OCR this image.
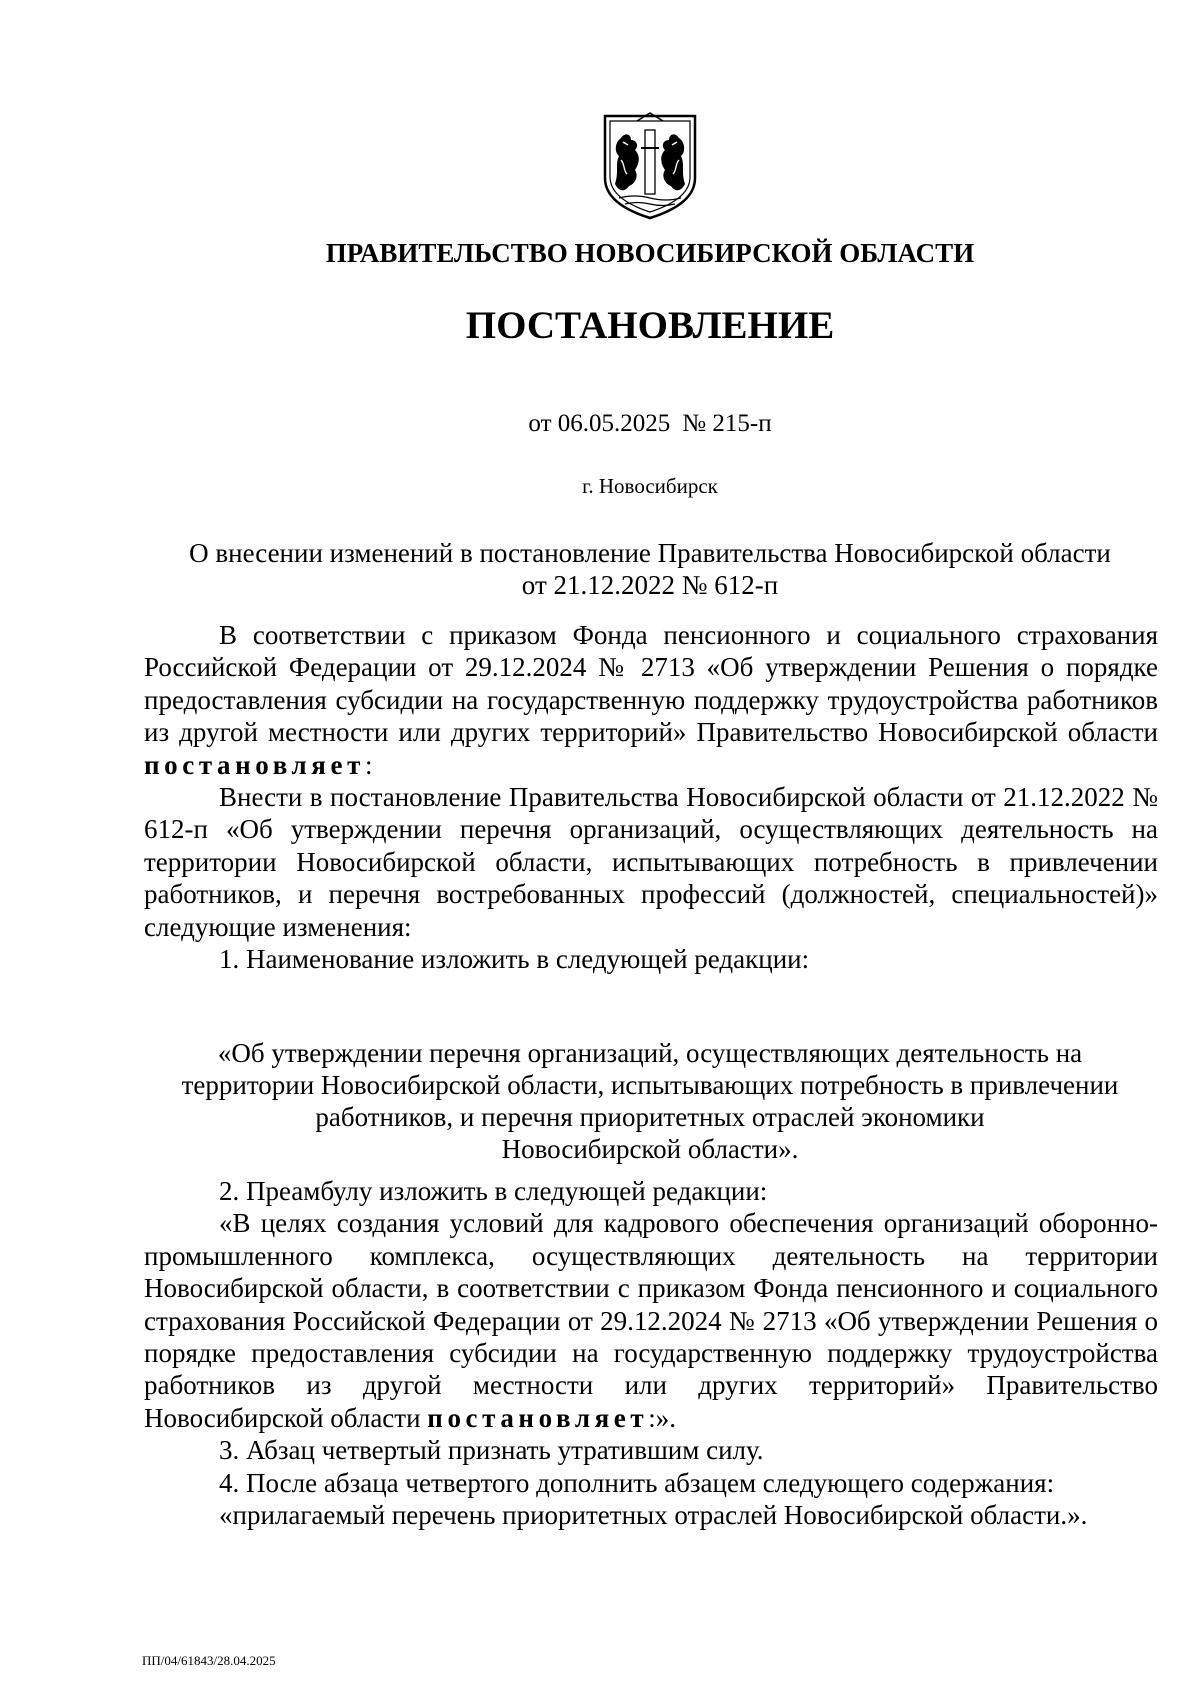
ПРАВИТЕЛЬСТВО НОВОСИБИРСКОЙ ОБЛАСТИ
ПОСТАНОВЛЕНИЕ
от 06.05.2025 № 215-п
г. Новосибирск
О внесении изменений в постановление Правительства Новосибирской области
от 21.12.2022 № 612-п

В соответствии с приказом Фонда пенсионного и социального страхования Российской Федерации от 29.12.2024 № 2713 «Об утверждении Решения о порядке предоставления субсидии на государственную поддержку трудоустройства работников из другой местности или других территорий» Правительство Новосибирской области постановляет:

Внести в постановление Правительства Новосибирской области от 21.12.2022 № 612-п «Об утверждении перечня организаций, осуществляющих деятельность на территории Новосибирской области, испытывающих потребность в привлечении работников, и перечня востребованных профессий (должностей, специальностей)» следующие изменения:

1. Наименование изложить в следующей редакции:

«Об утверждении перечня организаций, осуществляющих деятельность на
территории Новосибирской области, испытывающих потребность в привлечении
работников, и перечня приоритетных отраслей экономики
Новосибирской области».

2. Преамбулу изложить в следующей редакции:

«В целях создания условий для кадрового обеспечения организаций оборонно-промышленного комплекса, осуществляющих деятельность на территории Новосибирской области, в соответствии с приказом Фонда пенсионного и социального страхования Российской Федерации от 29.12.2024 № 2713 «Об утверждении Решения о порядке предоставления субсидии на государственную поддержку трудоустройства работников из другой местности или других территорий» Правительство Новосибирской области постановляет:».

3. Абзац четвертый признать утратившим силу.

4. После абзаца четвертого дополнить абзацем следующего содержания:

«прилагаемый перечень приоритетных отраслей Новосибирской области.».

ПП/04/61843/28.04.2025
